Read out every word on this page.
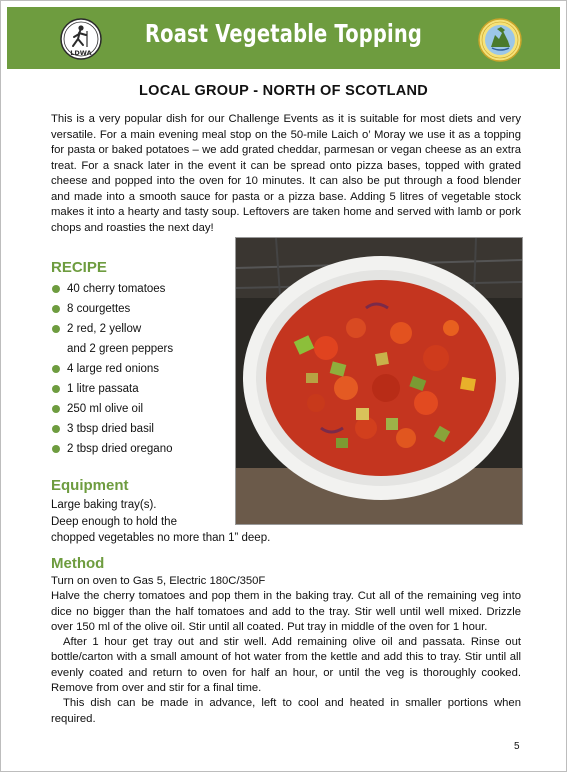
LDWA
Roast Vegetable Topping
LOCAL GROUP - NORTH OF SCOTLAND
This is a very popular dish for our Challenge Events as it is suitable for most diets and very versatile. For a main evening meal stop on the 50-mile Laich o’ Moray we use it as a topping for pasta or baked potatoes – we add grated cheddar, parmesan or vegan cheese as an extra treat. For a snack later in the event it can be spread onto pizza bases, topped with grated cheese and popped into the oven for 10 minutes. It can also be put through a food blender and made into a smooth sauce for pasta or a pizza base. Adding 5 litres of vegetable stock makes it into a hearty and tasty soup. Leftovers are taken home and served with lamb or pork chops and roasties the next day!
RECIPE
40 cherry tomatoes
8 courgettes
2 red, 2 yellow
and 2 green peppers
4 large red onions
1 litre passata
250 ml olive oil
3 tbsp dried basil
2 tbsp dried oregano
Equipment
Large baking tray(s).
Deep enough to hold the
chopped vegetables no more than 1” deep.
Method

Turn on oven to Gas 5, Electric 180C/350F

Halve the cherry tomatoes and pop them in the baking tray. Cut all of the remaining veg into dice no bigger than the half tomatoes and add to the tray. Stir well until well mixed. Drizzle over 150 ml of the olive oil. Stir until all coated. Put tray in middle of the oven for 1 hour.

After 1 hour get tray out and stir well. Add remaining olive oil and passata. Rinse out bottle/carton with a small amount of hot water from the kettle and add this to tray. Stir until all evenly coated and return to oven for half an hour, or until the veg is thoroughly cooked. Remove from over and stir for a final time.

This dish can be made in advance, left to cool and heated in smaller portions when required.

5
